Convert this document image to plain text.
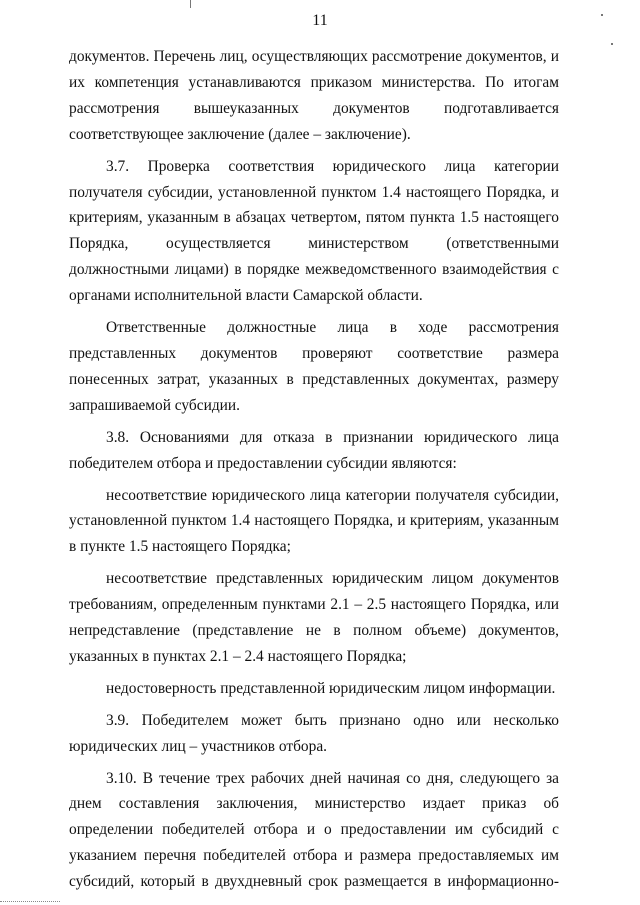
11

документов. Перечень лиц, осуществляющих рассмотрение документов, и их компетенция устанавливаются приказом министерства. По итогам рассмотрения вышеуказанных документов подготавливается соответствующее заключение (далее – заключение).

3.7. Проверка соответствия юридического лица категории получателя субсидии, установленной пунктом 1.4 настоящего Порядка, и критериям, указанным в абзацах четвертом, пятом пункта 1.5 настоящего Порядка, осуществляется министерством (ответственными должностными лицами) в порядке межведомственного взаимодействия с органами исполнительной власти Самарской области.

Ответственные должностные лица в ходе рассмотрения представленных документов проверяют соответствие размера понесенных затрат, указанных в представленных документах, размеру запрашиваемой субсидии.

3.8. Основаниями для отказа в признании юридического лица победителем отбора и предоставлении субсидии являются:

несоответствие юридического лица категории получателя субсидии, установленной пунктом 1.4 настоящего Порядка, и критериям, указанным в пункте 1.5 настоящего Порядка;

несоответствие представленных юридическим лицом документов требованиям, определенным пунктами 2.1 – 2.5 настоящего Порядка, или непредставление (представление не в полном объеме) документов, указанных в пунктах 2.1 – 2.4 настоящего Порядка;

недостоверность представленной юридическим лицом информации.

3.9. Победителем может быть признано одно или несколько юридических лиц – участников отбора.

3.10. В течение трех рабочих дней начиная со дня, следующего за днем составления заключения, министерство издает приказ об определении победителей отбора и о предоставлении им субсидий с указанием перечня победителей отбора и размера предоставляемых им субсидий, который в двухдневный срок размещается в информационно-
